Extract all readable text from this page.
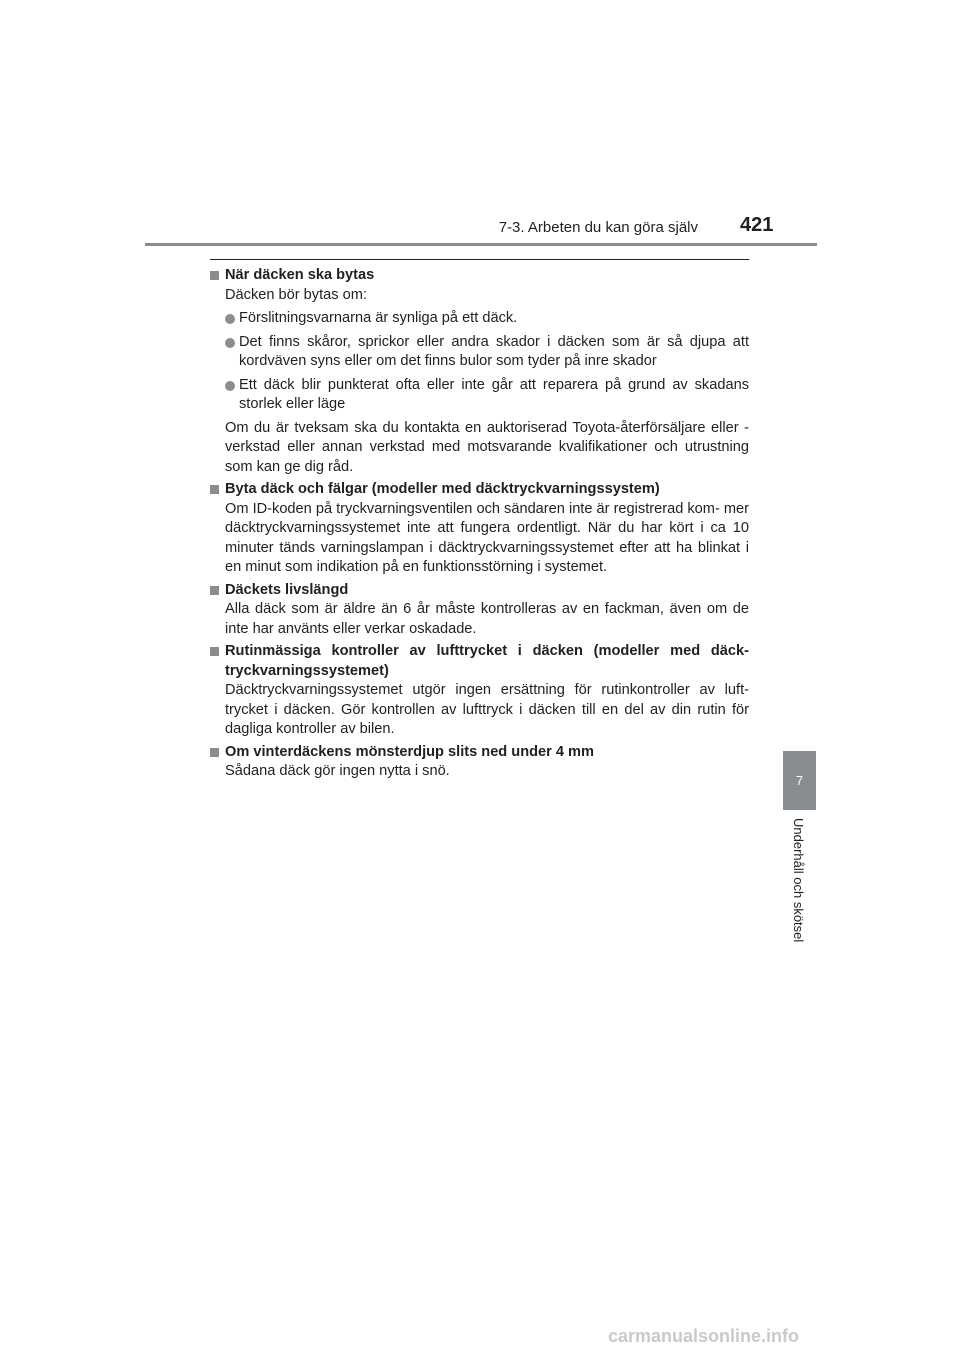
7-3. Arbeten du kan göra själv 421
När däcken ska bytas
Däcken bör bytas om:
Förslitningsvarnarna är synliga på ett däck.
Det finns skåror, sprickor eller andra skador i däcken som är så djupa att kordväven syns eller om det finns bulor som tyder på inre skador
Ett däck blir punkterat ofta eller inte går att reparera på grund av skadans storlek eller läge
Om du är tveksam ska du kontakta en auktoriserad Toyota-återförsäljare eller -verkstad eller annan verkstad med motsvarande kvalifikationer och utrustning som kan ge dig råd.
Byta däck och fälgar (modeller med däcktryckvarningssystem)
Om ID-koden på tryckvarningsventilen och sändaren inte är registrerad kom- mer däcktryckvarningssystemet inte att fungera ordentligt. När du har kört i ca 10 minuter tänds varningslampan i däcktryckvarningssystemet efter att ha blinkat i en minut som indikation på en funktionsstörning i systemet.
Däckets livslängd
Alla däck som är äldre än 6 år måste kontrolleras av en fackman, även om de inte har använts eller verkar oskadade.
Rutinmässiga kontroller av lufttrycket i däcken (modeller med däck- tryckvarningssystemet)
Däcktryckvarningssystemet utgör ingen ersättning för rutinkontroller av luft- trycket i däcken. Gör kontrollen av lufttryck i däcken till en del av din rutin för dagliga kontroller av bilen.
Om vinterdäckens mönsterdjup slits ned under 4 mm
Sådana däck gör ingen nytta i snö.
7
Underhåll och skötsel
carmanualsonline.info
